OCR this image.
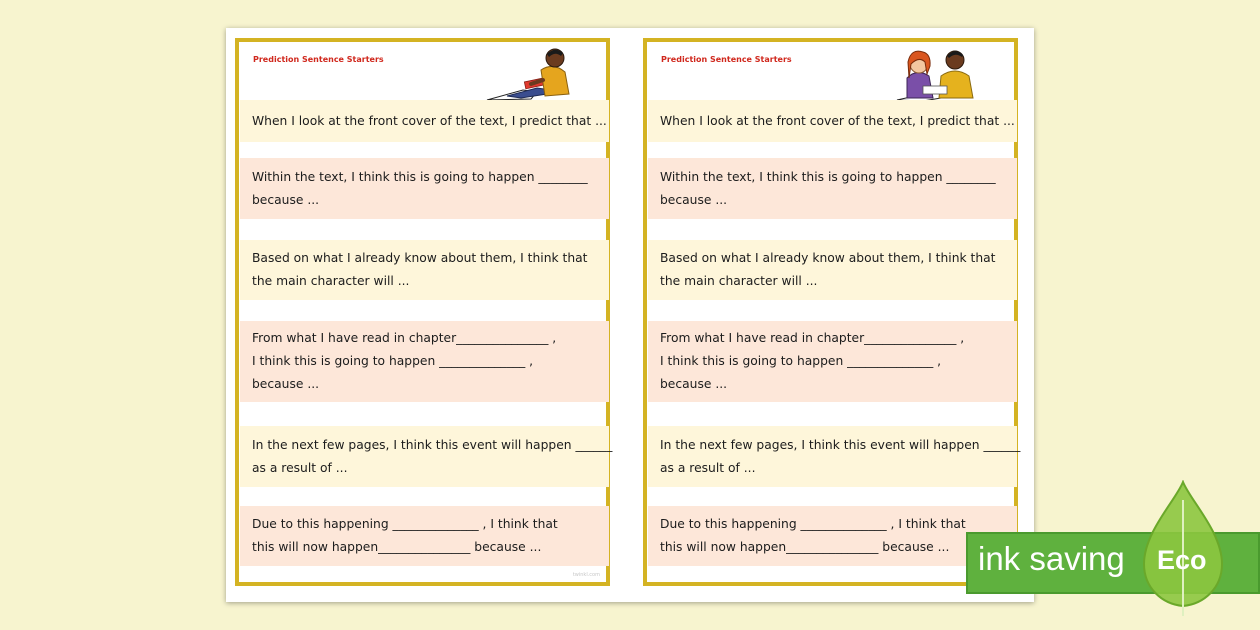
Prediction Sentence Starters
When I look at the front cover of the text, I predict that ...
Within the text, I think this is going to happen ________
because ...
Based on what I already know about them, I think that
the main character will ...
From what I have read in chapter_______________ ,
I think this is going to happen ______________ ,
because ...
In the next few pages, I think this event will happen ______
as a result of ...
Due to this happening ______________ , I think that
this will now happen_______________ because ...
twinkl.com
Prediction Sentence Starters
When I look at the front cover of the text, I predict that ...
Within the text, I think this is going to happen ________
because ...
Based on what I already know about them, I think that
the main character will ...
From what I have read in chapter_______________ ,
I think this is going to happen ______________ ,
because ...
In the next few pages, I think this event will happen ______
as a result of ...
Due to this happening ______________ , I think that
this will now happen_______________ because ... ink saving Eco
